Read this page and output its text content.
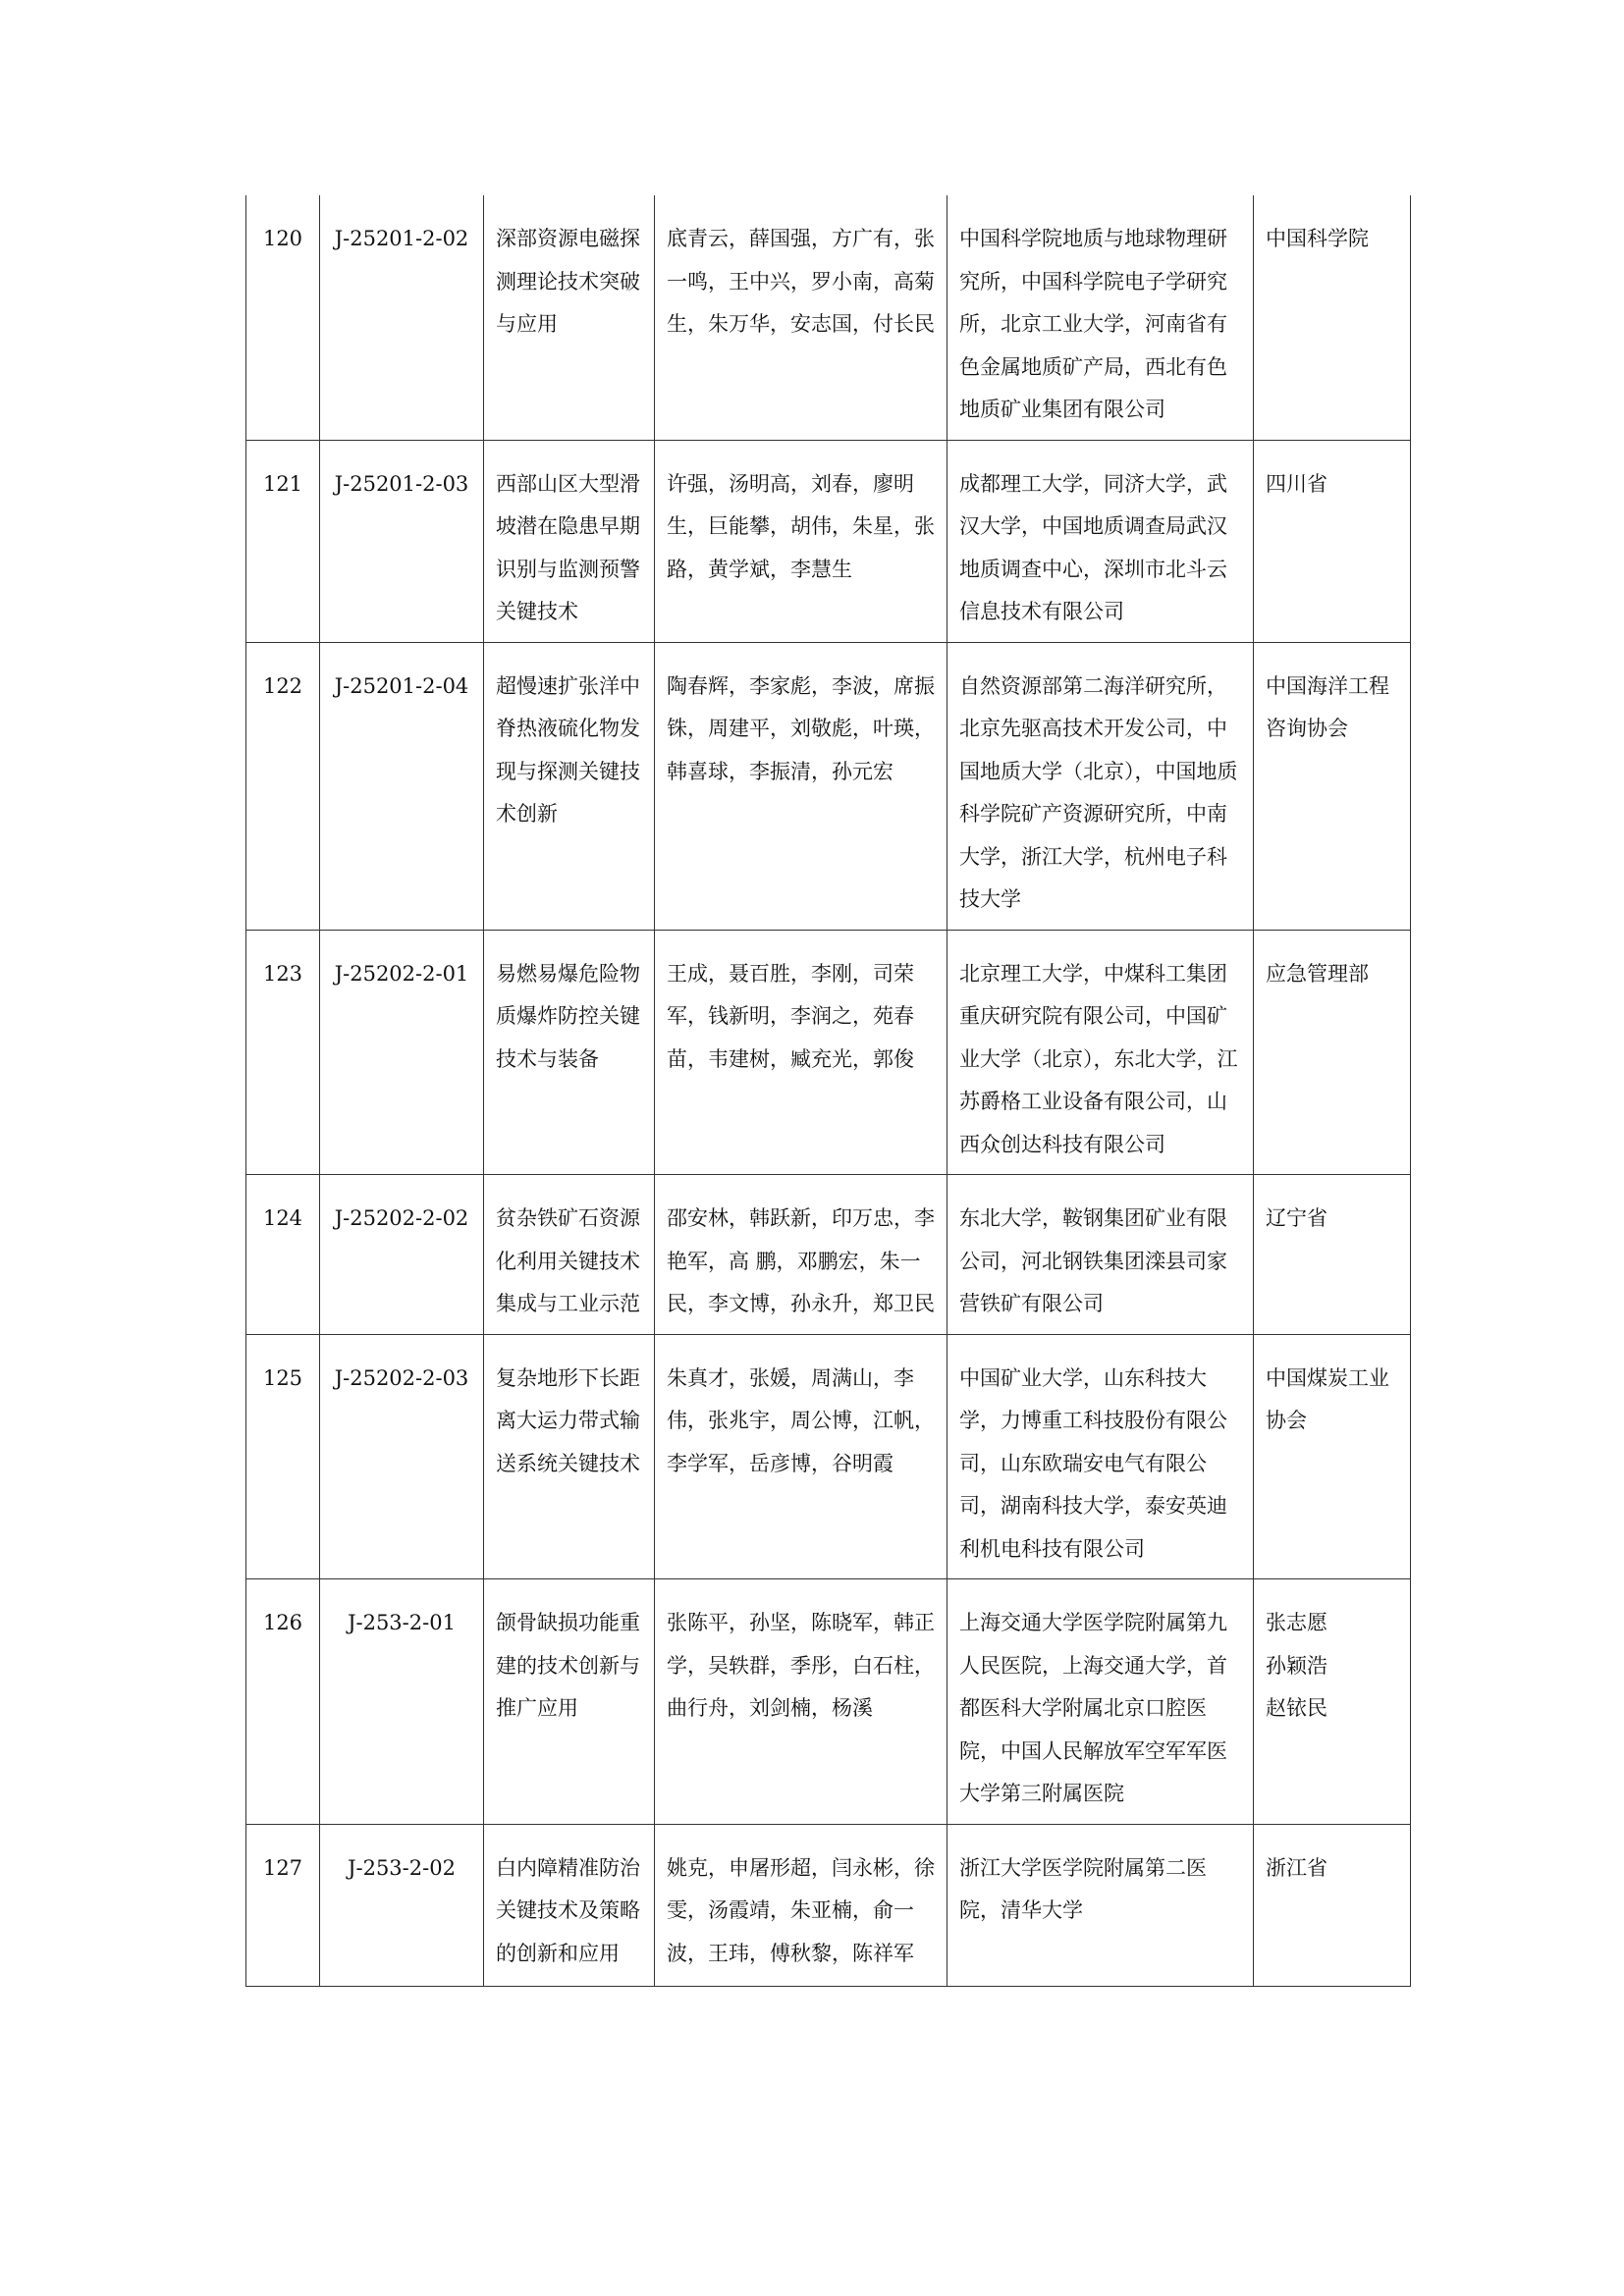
120	J-25201-2-02	深部资源电磁探测理论技术突破与应用	底青云，薛国强，方广有，张一鸣，王中兴，罗小南，高菊生，朱万华，安志国，付长民	中国科学院地质与地球物理研究所，中国科学院电子学研究所，北京工业大学，河南省有色金属地质矿产局，西北有色地质矿业集团有限公司	中国科学院

121	J-25201-2-03	西部山区大型滑坡潜在隐患早期识别与监测预警关键技术	许强，汤明高，刘春，廖明生，巨能攀，胡伟，朱星，张路，黄学斌，李慧生	成都理工大学，同济大学，武汉大学，中国地质调查局武汉地质调查中心，深圳市北斗云信息技术有限公司	四川省

122	J-25201-2-04	超慢速扩张洋中脊热液硫化物发现与探测关键技术创新	陶春辉，李家彪，李波，席振铢，周建平，刘敬彪，叶瑛，韩喜球，李振清，孙元宏	自然资源部第二海洋研究所，北京先驱高技术开发公司，中国地质大学（北京），中国地质科学院矿产资源研究所，中南大学，浙江大学，杭州电子科技大学	中国海洋工程咨询协会

123	J-25202-2-01	易燃易爆危险物质爆炸防控关键技术与装备	王成，聂百胜，李刚，司荣军，钱新明，李润之，苑春苗，韦建树，臧充光，郭俊	北京理工大学，中煤科工集团重庆研究院有限公司，中国矿业大学（北京），东北大学，江苏爵格工业设备有限公司，山西众创达科技有限公司	应急管理部

124	J-25202-2-02	贫杂铁矿石资源化利用关键技术集成与工业示范	邵安林，韩跃新，印万忠，李艳军，高 鹏，邓鹏宏，朱一民，李文博，孙永升，郑卫民	东北大学，鞍钢集团矿业有限公司，河北钢铁集团滦县司家营铁矿有限公司	辽宁省

125	J-25202-2-03	复杂地形下长距离大运力带式输送系统关键技术	朱真才，张媛，周满山，李伟，张兆宇，周公博，江帆，李学军，岳彦博，谷明霞	中国矿业大学，山东科技大学，力博重工科技股份有限公司，山东欧瑞安电气有限公司，湖南科技大学，泰安英迪利机电科技有限公司	中国煤炭工业协会

126	J-253-2-01	颌骨缺损功能重建的技术创新与推广应用	张陈平，孙坚，陈晓军，韩正学，吴轶群，季彤，白石柱，曲行舟，刘剑楠，杨溪	上海交通大学医学院附属第九人民医院，上海交通大学，首都医科大学附属北京口腔医院，中国人民解放军空军军医大学第三附属医院	张志愿
孙颖浩
赵铱民

127	J-253-2-02	白内障精准防治关键技术及策略的创新和应用	姚克，申屠形超，闫永彬，徐雯，汤霞靖，朱亚楠，俞一波，王玮，傅秋黎，陈祥军	浙江大学医学院附属第二医院，清华大学	浙江省
